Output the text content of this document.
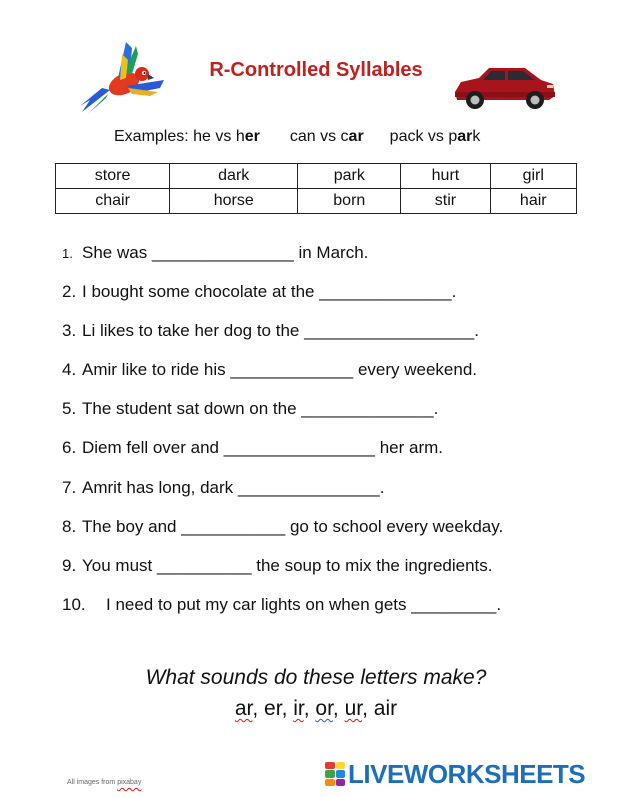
R-Controlled Syllables
Examples: he vs her can vs car pack vs park
store	dark	park	hurt	girl
chair	horse	born	stir	hair
1. She was _______________ in March.
2. I bought some chocolate at the ______________.
3. Li likes to take her dog to the __________________.
4. Amir like to ride his _____________ every weekend.
5. The student sat down on the ______________.
6. Diem fell over and ________________ her arm.
7. Amrit has long, dark _______________.
8. The boy and ___________ go to school every weekday.
9. You must __________ the soup to mix the ingredients.
10. I need to put my car lights on when gets _________.
What sounds do these letters make?
ar, er, ir, or, ur, air
All images from pixabay	LIVEWORKSHEETS
